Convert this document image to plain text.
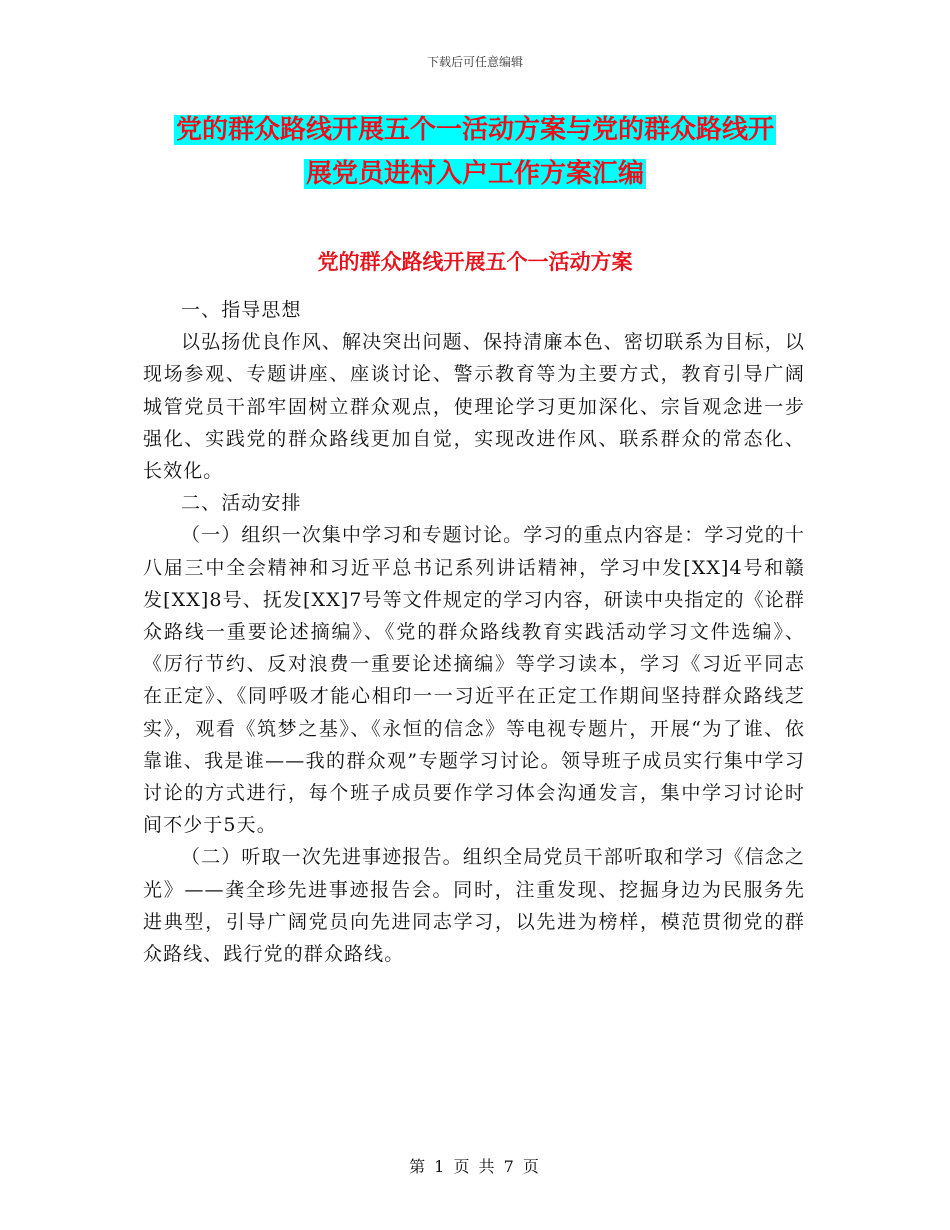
下载后可任意编辑
党的群众路线开展五个一活动方案与党的群众路线开
展党员进村入户工作方案汇编
党的群众路线开展五个一活动方案

一、指导思想

以弘扬优良作风、解决突出问题、保持清廉本色、密切联系为目标，以现场参观、专题讲座、座谈讨论、警示教育等为主要方式，教育引导广阔城管党员干部牢固树立群众观点，使理论学习更加深化、宗旨观念进一步强化、实践党的群众路线更加自觉，实现改进作风、联系群众的常态化、长效化。

二、活动安排

（一）组织一次集中学习和专题讨论。学习的重点内容是：学习党的十八届三中全会精神和习近平总书记系列讲话精神，学习中发[XX]4号和赣发[XX]8号、抚发[XX]7号等文件规定的学习内容，研读中央指定的《论群众路线一重要论述摘编》、《党的群众路线教育实践活动学习文件选编》、《厉行节约、反对浪费一重要论述摘编》等学习读本，学习《习近平同志在正定》、《同呼吸才能心相印一一习近平在正定工作期间坚持群众路线芝实》，观看《筑梦之基》、《永恒的信念》等电视专题片，开展“为了谁、依靠谁、我是谁——我的群众观”专题学习讨论。领导班子成员实行集中学习讨论的方式进行，每个班子成员要作学习体会沟通发言，集中学习讨论时间不少于5天。

（二）听取一次先进事迹报告。组织全局党员干部听取和学习《信念之光》——龚全珍先进事迹报告会。同时，注重发现、挖掘身边为民服务先进典型，引导广阔党员向先进同志学习，以先进为榜样，模范贯彻党的群众路线、践行党的群众路线。

第 1 页 共 7 页
